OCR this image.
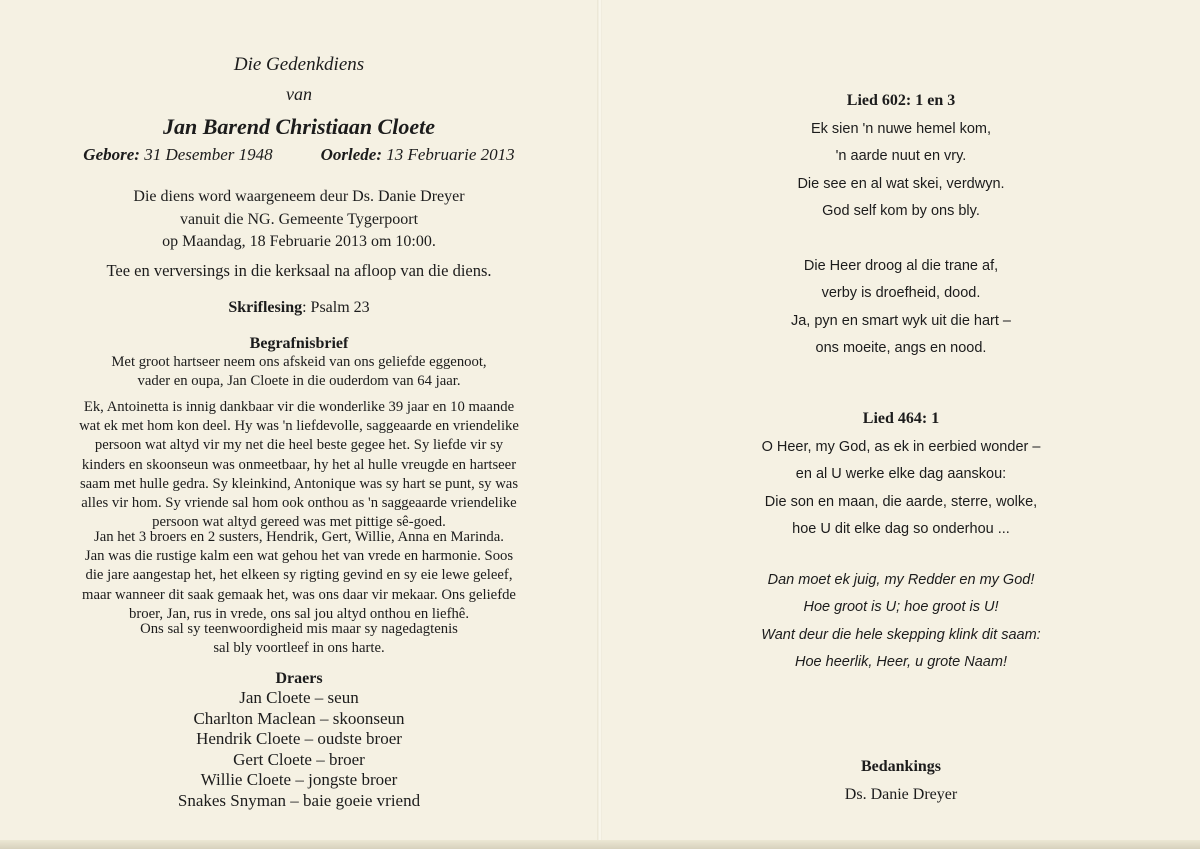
Die Gedenkdiens
van
Jan Barend Christiaan Cloete
Gebore: 31 Desember 1948	Oorlede: 13 Februarie 2013
Die diens word waargeneem deur Ds. Danie Dreyer
vanuit die NG. Gemeente Tygerpoort
op Maandag, 18 Februarie 2013 om 10:00.
Tee en verversings in die kerksaal na afloop van die diens.
Skriflesing: Psalm 23
Begrafnisbrief
Met groot hartseer neem ons afskeid van ons geliefde eggenoot,
vader en oupa, Jan Cloete in die ouderdom van 64 jaar.
Ek, Antoinetta is innig dankbaar vir die wonderlike 39 jaar en 10 maande
wat ek met hom kon deel. Hy was 'n liefdevolle, saggeaarde en vriendelike
persoon wat altyd vir my net die heel beste gegee het. Sy liefde vir sy
kinders en skoonseun was onmeetbaar, hy het al hulle vreugde en hartseer
saam met hulle gedra. Sy kleinkind, Antonique was sy hart se punt, sy was
alles vir hom. Sy vriende sal hom ook onthou as 'n saggeaarde vriendelike
persoon wat altyd gereed was met pittige sê-goed.
Jan het 3 broers en 2 susters, Hendrik, Gert, Willie, Anna en Marinda.
Jan was die rustige kalm een wat gehou het van vrede en harmonie. Soos
die jare aangestap het, het elkeen sy rigting gevind en sy eie lewe geleef,
maar wanneer dit saak gemaak het, was ons daar vir mekaar. Ons geliefde
broer, Jan, rus in vrede, ons sal jou altyd onthou en liefhê.
Ons sal sy teenwoordigheid mis maar sy nagedagtenis
sal bly voortleef in ons harte.
Draers
Jan Cloete – seun
Charlton Maclean – skoonseun
Hendrik Cloete – oudste broer
Gert Cloete – broer
Willie Cloete – jongste broer
Snakes Snyman – baie goeie vriend
Lied 602: 1 en 3
Ek sien 'n nuwe hemel kom,
'n aarde nuut en vry.
Die see en al wat skei, verdwyn.
God self kom by ons bly.
Die Heer droog al die trane af,
verby is droefheid, dood.
Ja, pyn en smart wyk uit die hart –
ons moeite, angs en nood.
Lied 464: 1
O Heer, my God, as ek in eerbied wonder –
en al U werke elke dag aanskou:
Die son en maan, die aarde, sterre, wolke,
hoe U dit elke dag so onderhou ...
Dan moet ek juig, my Redder en my God!
Hoe groot is U; hoe groot is U!
Want deur die hele skepping klink dit saam:
Hoe heerlik, Heer, u grote Naam!
Bedankings
Ds. Danie Dreyer
